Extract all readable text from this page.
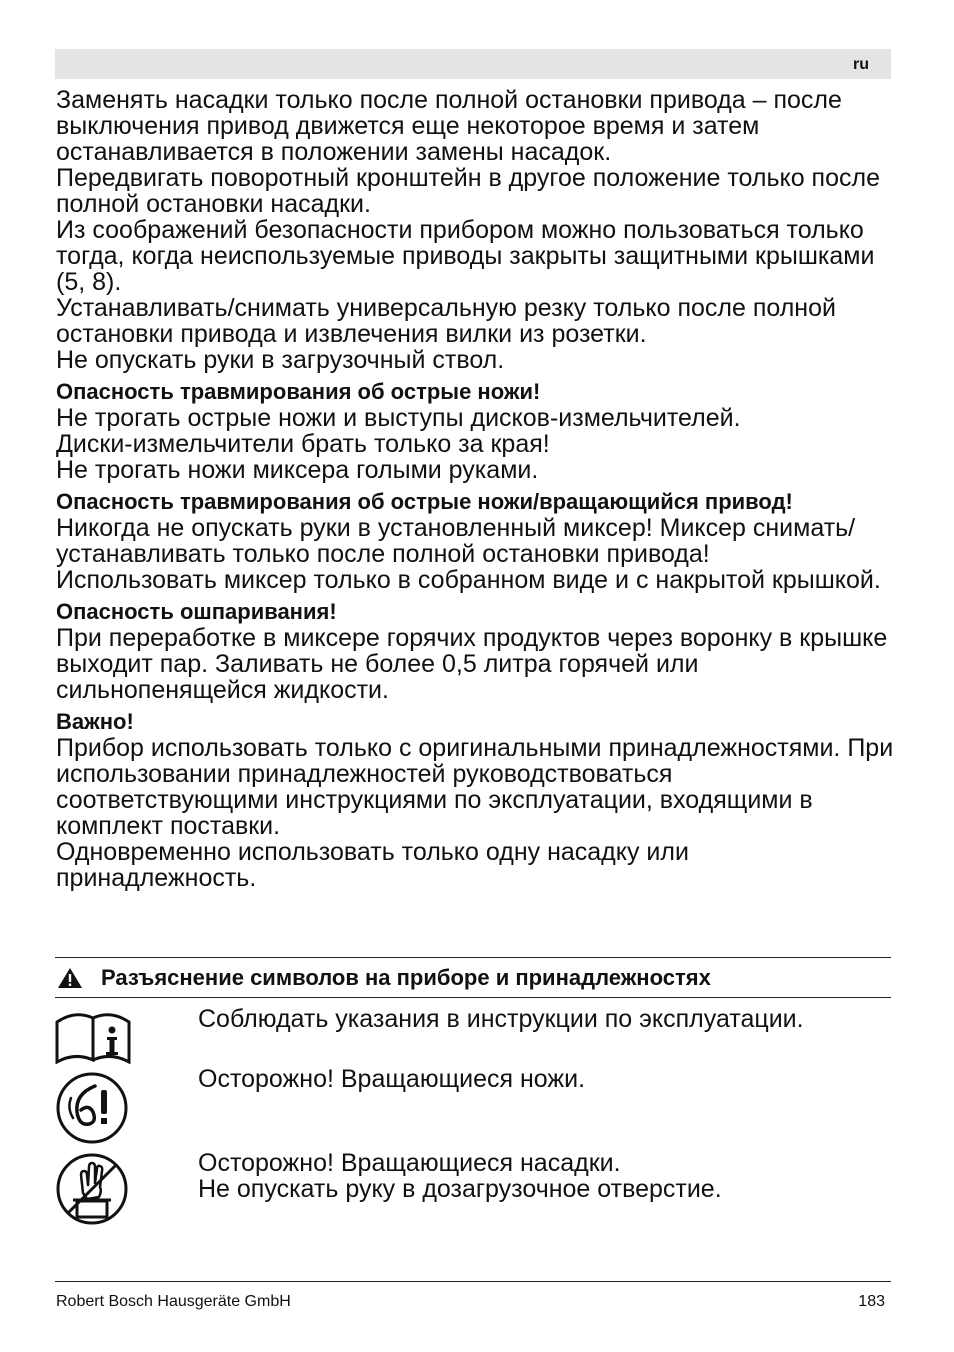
ru

Заменять насадки только после полной остановки привода – после выключения привод движется еще некоторое время и затем останавливается в положении замены насадок.

Передвигать поворотный кронштейн в другое положение только после полной остановки насадки.

Из соображений безопасности прибором можно пользоваться только тогда, когда неиспользуемые приводы закрыты защитными крышками (5, 8).

Устанавливать/снимать универсальную резку только после полной остановки привода и извлечения вилки из розетки.

Не опускать руки в загрузочный ствол.

Опасность травмирования об острые ножи!

Не трогать острые ножи и выступы дисков-измельчителей.

Диски-измельчители брать только за края!

Не трогать ножи миксера голыми руками.

Опасность травмирования об острые ножи/вращающийся привод!

Никогда не опускать руки в установленный миксер! Миксер снимать/устанавливать только после полной остановки привода!

Использовать миксер только в собранном виде и с накрытой крышкой.

Опасность ошпаривания!

При переработке в миксере горячих продуктов через воронку в крышке выходит пар. Заливать не более 0,5 литра горячей или сильнопенящейся жидкости.

Важно!

Прибор использовать только с оригинальными принадлежностями. При использовании принадлежностей руководствоваться соответствующими инструкциями по эксплуатации, входящими в комплект поставки.

Одновременно использовать только одну насадку или принадлежность.

Разъяснение символов на приборе и принадлежностях

Соблюдать указания в инструкции по эксплуатации.

Осторожно! Вращающиеся ножи.

Осторожно! Вращающиеся насадки.

Не опускать руку в дозагрузочное отверстие.

Robert Bosch Hausgeräte GmbH	183
